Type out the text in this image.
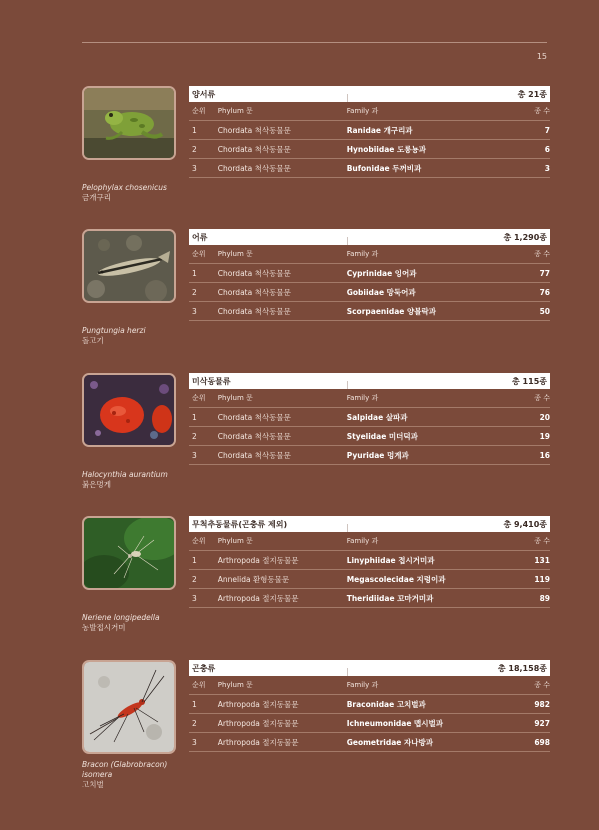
15
Pelophylax chosenicus
금개구리
양서류	총 21종
순위	Phylum 문	Family 과	종 수
1	Chordata 척삭동물문	Ranidae 개구리과	7
2	Chordata 척삭동물문	Hynobiidae 도롱뇽과	6
3	Chordata 척삭동물문	Bufonidae 두꺼비과	3
Pungtungia herzi
돌고기
어류	총 1,290종
순위	Phylum 문	Family 과	종 수
1	Chordata 척삭동물문	Cyprinidae 잉어과	77
2	Chordata 척삭동물문	Gobiidae 망둑어과	76
3	Chordata 척삭동물문	Scorpaenidae 양볼락과	50
Halocynthia aurantium
붉은멍게
미삭동물류	총 115종
순위	Phylum 문	Family 과	종 수
1	Chordata 척삭동물문	Salpidae 살파과	20
2	Chordata 척삭동물문	Styelidae 미더덕과	19
3	Chordata 척삭동물문	Pyuridae 멍게과	16
Neriene longipedella
농발접시거미
무척추동물류(곤충류 제외)	총 9,410종
순위	Phylum 문	Family 과	종 수
1	Arthropoda 절지동물문	Linyphiidae 접시거미과	131
2	Annelida 환형동물문	Megascolecidae 지렁이과	119
3	Arthropoda 절지동물문	Theridiidae 꼬마거미과	89
Bracon (Glabrobracon) isomera
고치벌
곤충류	총 18,158종
순위	Phylum 문	Family 과	종 수
1	Arthropoda 절지동물문	Braconidae 고치벌과	982
2	Arthropoda 절지동물문	Ichneumonidae 맵시벌과	927
3	Arthropoda 절지동물문	Geometridae 자나방과	698
